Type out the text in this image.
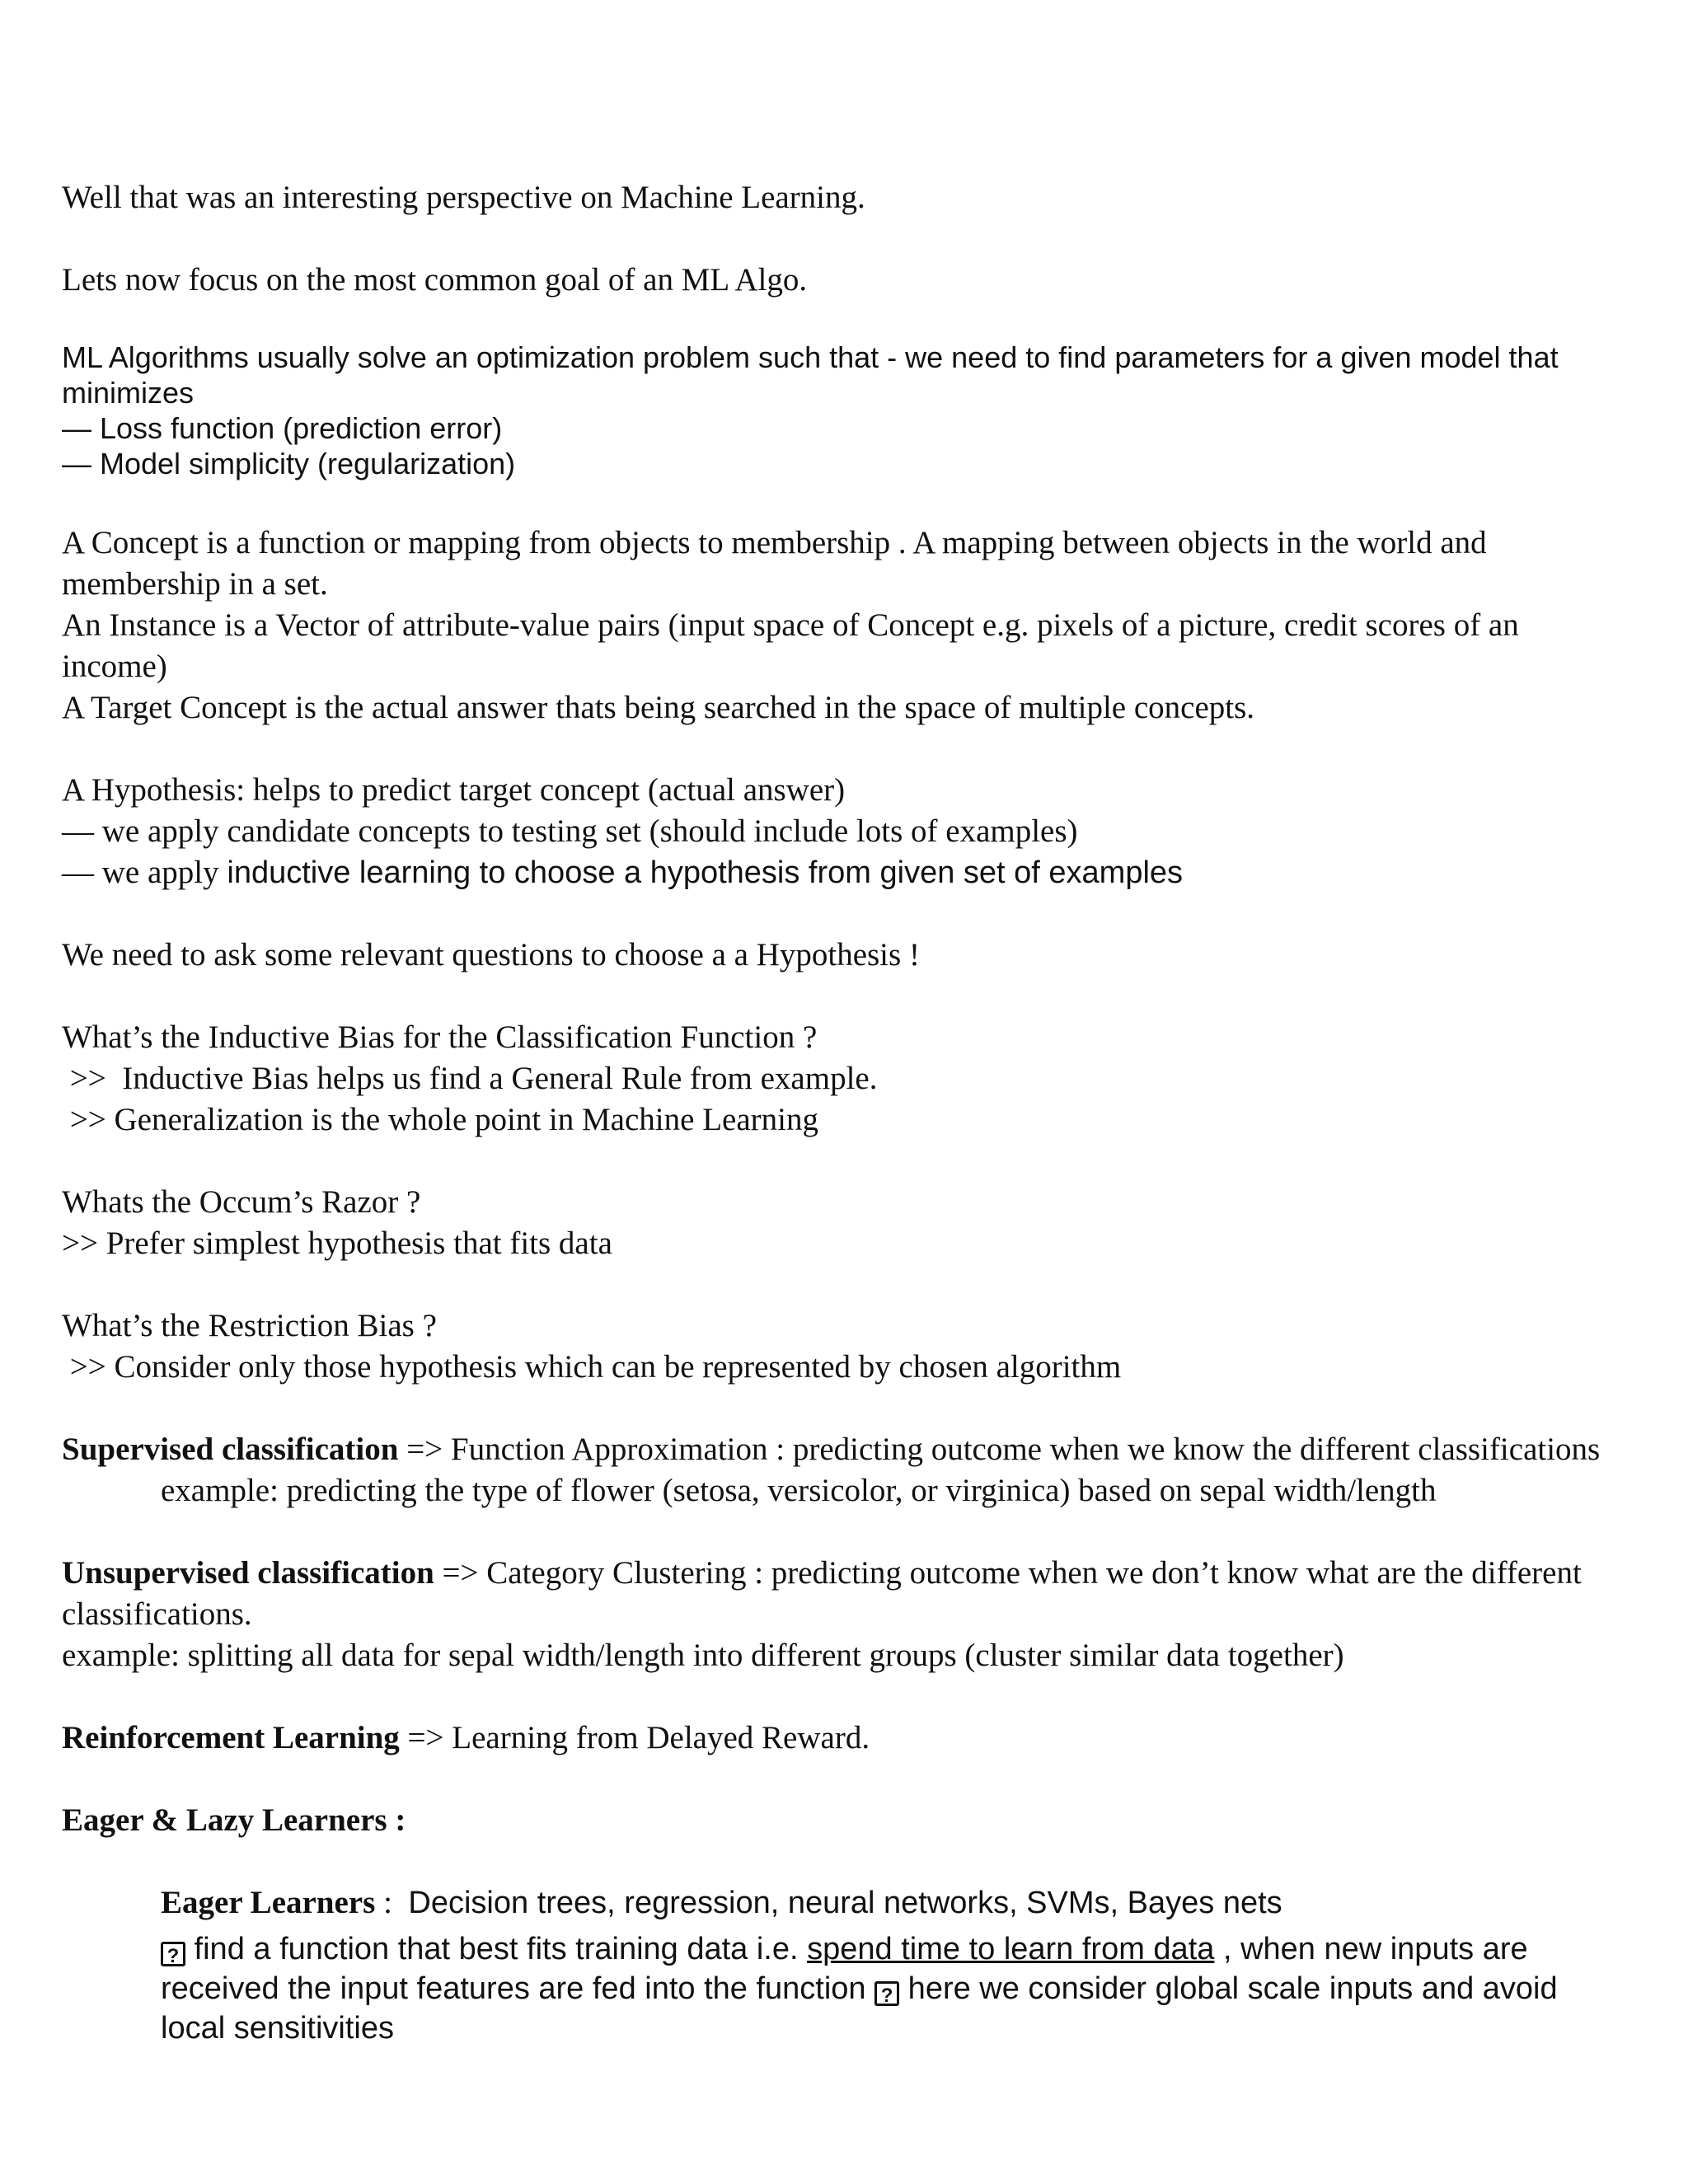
Well that was an interesting perspective on Machine Learning.
Lets now focus on the most common goal of an ML Algo.
ML Algorithms usually solve an optimization problem such that - we need to find parameters for a given model that
minimizes
— Loss function (prediction error)
— Model simplicity (regularization)
A Concept is a function or mapping from objects to membership . A mapping between objects in the world and
membership in a set.
An Instance is a Vector of attribute-value pairs (input space of Concept e.g. pixels of a picture, credit scores of an
income)
A Target Concept is the actual answer thats being searched in the space of multiple concepts.
A Hypothesis: helps to predict target concept (actual answer)
— we apply candidate concepts to testing set (should include lots of examples)
— we apply inductive learning to choose a hypothesis from given set of examples
We need to ask some relevant questions to choose a a Hypothesis !
What’s the Inductive Bias for the Classification Function ?
>>  Inductive Bias helps us find a General Rule from example.
>> Generalization is the whole point in Machine Learning
Whats the Occum’s Razor ?
>> Prefer simplest hypothesis that fits data
What’s the Restriction Bias ?
>> Consider only those hypothesis which can be represented by chosen algorithm
Supervised classification => Function Approximation : predicting outcome when we know the different classifications
example: predicting the type of flower (setosa, versicolor, or virginica) based on sepal width/length
Unsupervised classification => Category Clustering : predicting outcome when we don’t know what are the different
classifications.
example: splitting all data for sepal width/length into different groups (cluster similar data together)
Reinforcement Learning => Learning from Delayed Reward.
Eager & Lazy Learners :
Eager Learners :  Decision trees, regression, neural networks, SVMs, Bayes nets
? find a function that best fits training data i.e. spend time to learn from data , when new inputs are
received the input features are fed into the function ? here we consider global scale inputs and avoid
local sensitivities
